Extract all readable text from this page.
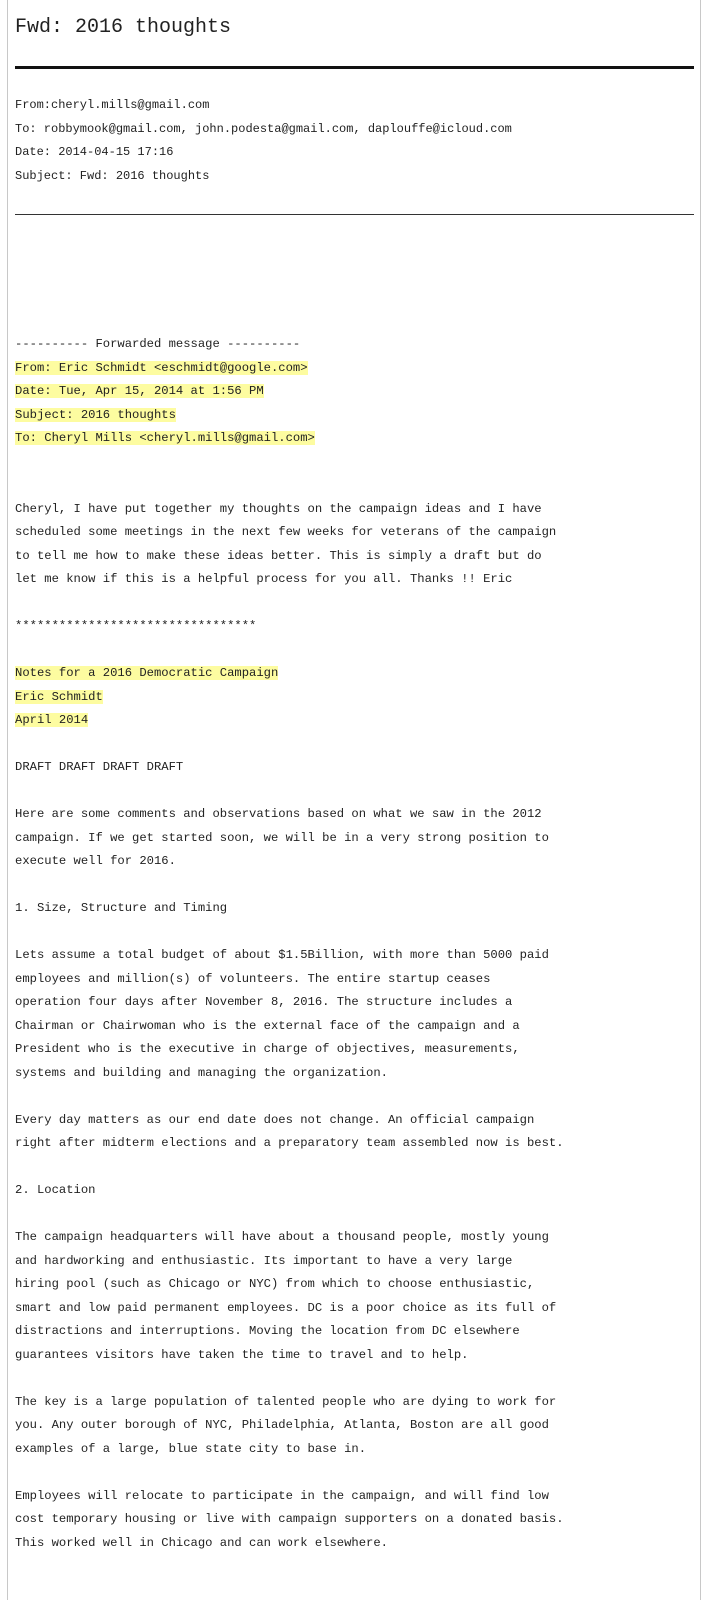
Fwd: 2016 thoughts
From:cheryl.mills@gmail.com
To: robbymook@gmail.com, john.podesta@gmail.com, daplouffe@icloud.com
Date: 2014-04-15 17:16
Subject: Fwd: 2016 thoughts
---------- Forwarded message ----------
From: Eric Schmidt <eschmidt@google.com>
Date: Tue, Apr 15, 2014 at 1:56 PM
Subject: 2016 thoughts
To: Cheryl Mills <cheryl.mills@gmail.com>
Cheryl, I have put together my thoughts on the campaign ideas and I have
scheduled some meetings in the next few weeks for veterans of the campaign
to tell me how to make these ideas better. This is simply a draft but do
let me know if this is a helpful process for you all. Thanks !! Eric
*********************************
Notes for a 2016 Democratic Campaign
Eric Schmidt
April 2014
DRAFT DRAFT DRAFT DRAFT
Here are some comments and observations based on what we saw in the 2012
campaign. If we get started soon, we will be in a very strong position to
execute well for 2016.
1. Size, Structure and Timing
Lets assume a total budget of about $1.5Billion, with more than 5000 paid
employees and million(s) of volunteers. The entire startup ceases
operation four days after November 8, 2016. The structure includes a
Chairman or Chairwoman who is the external face of the campaign and a
President who is the executive in charge of objectives, measurements,
systems and building and managing the organization.
Every day matters as our end date does not change. An official campaign
right after midterm elections and a preparatory team assembled now is best.
2. Location
The campaign headquarters will have about a thousand people, mostly young
and hardworking and enthusiastic. Its important to have a very large
hiring pool (such as Chicago or NYC) from which to choose enthusiastic,
smart and low paid permanent employees. DC is a poor choice as its full of
distractions and interruptions. Moving the location from DC elsewhere
guarantees visitors have taken the time to travel and to help.
The key is a large population of talented people who are dying to work for
you. Any outer borough of NYC, Philadelphia, Atlanta, Boston are all good
examples of a large, blue state city to base in.
Employees will relocate to participate in the campaign, and will find low
cost temporary housing or live with campaign supporters on a donated basis.
This worked well in Chicago and can work elsewhere.
